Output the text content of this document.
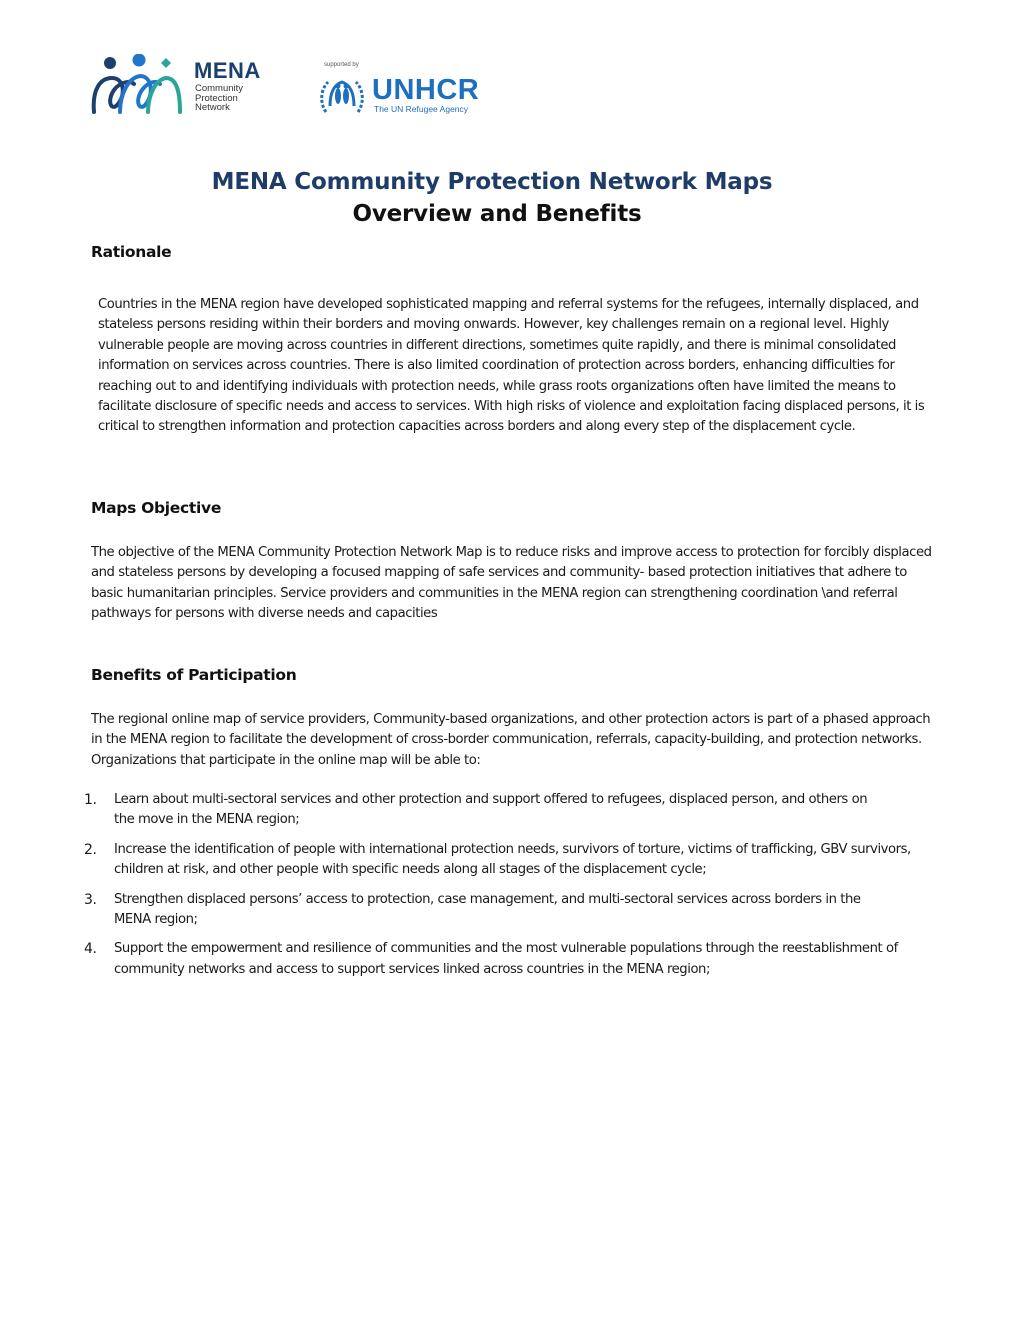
MENA
Community
Protection
Network
supported by
UNHCR
The UN Refugee Agency
MENA Community Protection Network Maps
Overview and Benefits
Rationale

Countries in the MENA region have developed sophisticated mapping and referral systems for the refugees, internally displaced, and stateless persons residing within their borders and moving onwards. However, key challenges remain on a regional level. Highly vulnerable people are moving across countries in different directions, sometimes quite rapidly, and there is minimal consolidated information on services across countries. There is also limited coordination of protection across borders, enhancing difficulties for reaching out to and identifying individuals with protection needs, while grass roots organizations often have limited the means to facilitate disclosure of specific needs and access to services. With high risks of violence and exploitation facing displaced persons, it is critical to strengthen information and protection capacities across borders and along every step of the displacement cycle.

Maps Objective

The objective of the MENA Community Protection Network Map is to reduce risks and improve access to protection for forcibly displaced and stateless persons by developing a focused mapping of safe services and community- based protection initiatives that adhere to basic humanitarian principles. Service providers and communities in the MENA region can strengthening coordination \and referral pathways for persons with diverse needs and capacities

Benefits of Participation

The regional online map of service providers, Community-based organizations, and other protection actors is part of a phased approach in the MENA region to facilitate the development of cross-border communication, referrals, capacity-building, and protection networks. Organizations that participate in the online map will be able to:

1. Learn about multi-sectoral services and other protection and support offered to refugees, displaced person, and others on the move in the MENA region;
2. Increase the identification of people with international protection needs, survivors of torture, victims of trafficking, GBV survivors, children at risk, and other people with specific needs along all stages of the displacement cycle;
3. Strengthen displaced persons’ access to protection, case management, and multi-sectoral services across borders in the MENA region;
4. Support the empowerment and resilience of communities and the most vulnerable populations through the reestablishment of community networks and access to support services linked across countries in the MENA region;
